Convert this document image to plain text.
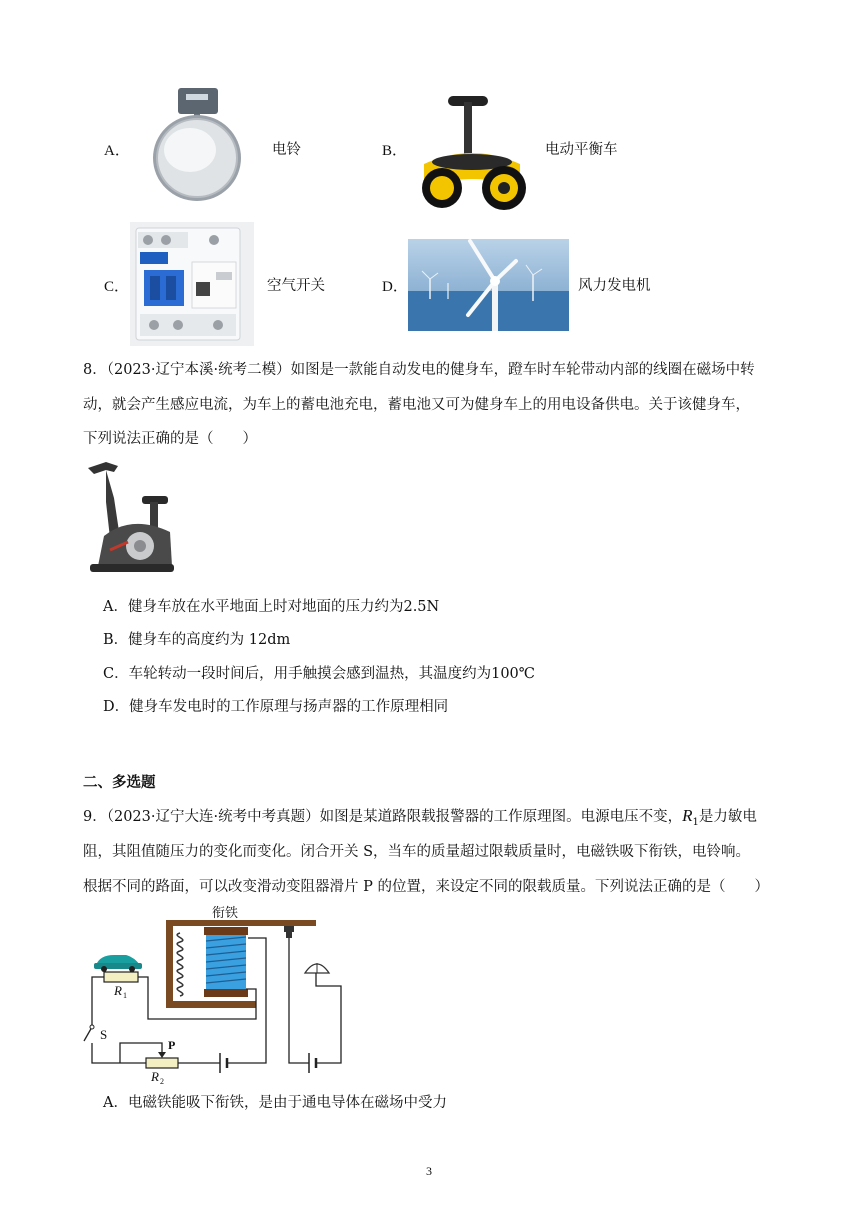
A．	电铃	B．	电动平衡车
C．	空气开关	D．	风力发电机
8．（2023·辽宁本溪·统考二模）如图是一款能自动发电的健身车，蹬车时车轮带动内部的线圈在磁场中转
动，就会产生感应电流，为车上的蓄电池充电，蓄电池又可为健身车上的用电设备供电。关于该健身车，
下列说法正确的是（　　）
A．健身车放在水平地面上时对地面的压力约为2.5N
B．健身车的高度约为 12dm
C．车轮转动一段时间后，用手触摸会感到温热，其温度约为100℃
D．健身车发电时的工作原理与扬声器的工作原理相同
二、多选题
9．（2023·辽宁大连·统考中考真题）如图是某道路限载报警器的工作原理图。电源电压不变，$R_1$是力敏电
阻，其阻值随压力的变化而变化。闭合开关 S，当车的质量超过限载质量时，电磁铁吸下衔铁，电铃响。
根据不同的路面，可以改变滑动变阻器滑片 P 的位置，来设定不同的限载质量。下列说法正确的是（　　）
衔铁
R 1
S
P
R 2
A．电磁铁能吸下衔铁，是由于通电导体在磁场中受力
3
